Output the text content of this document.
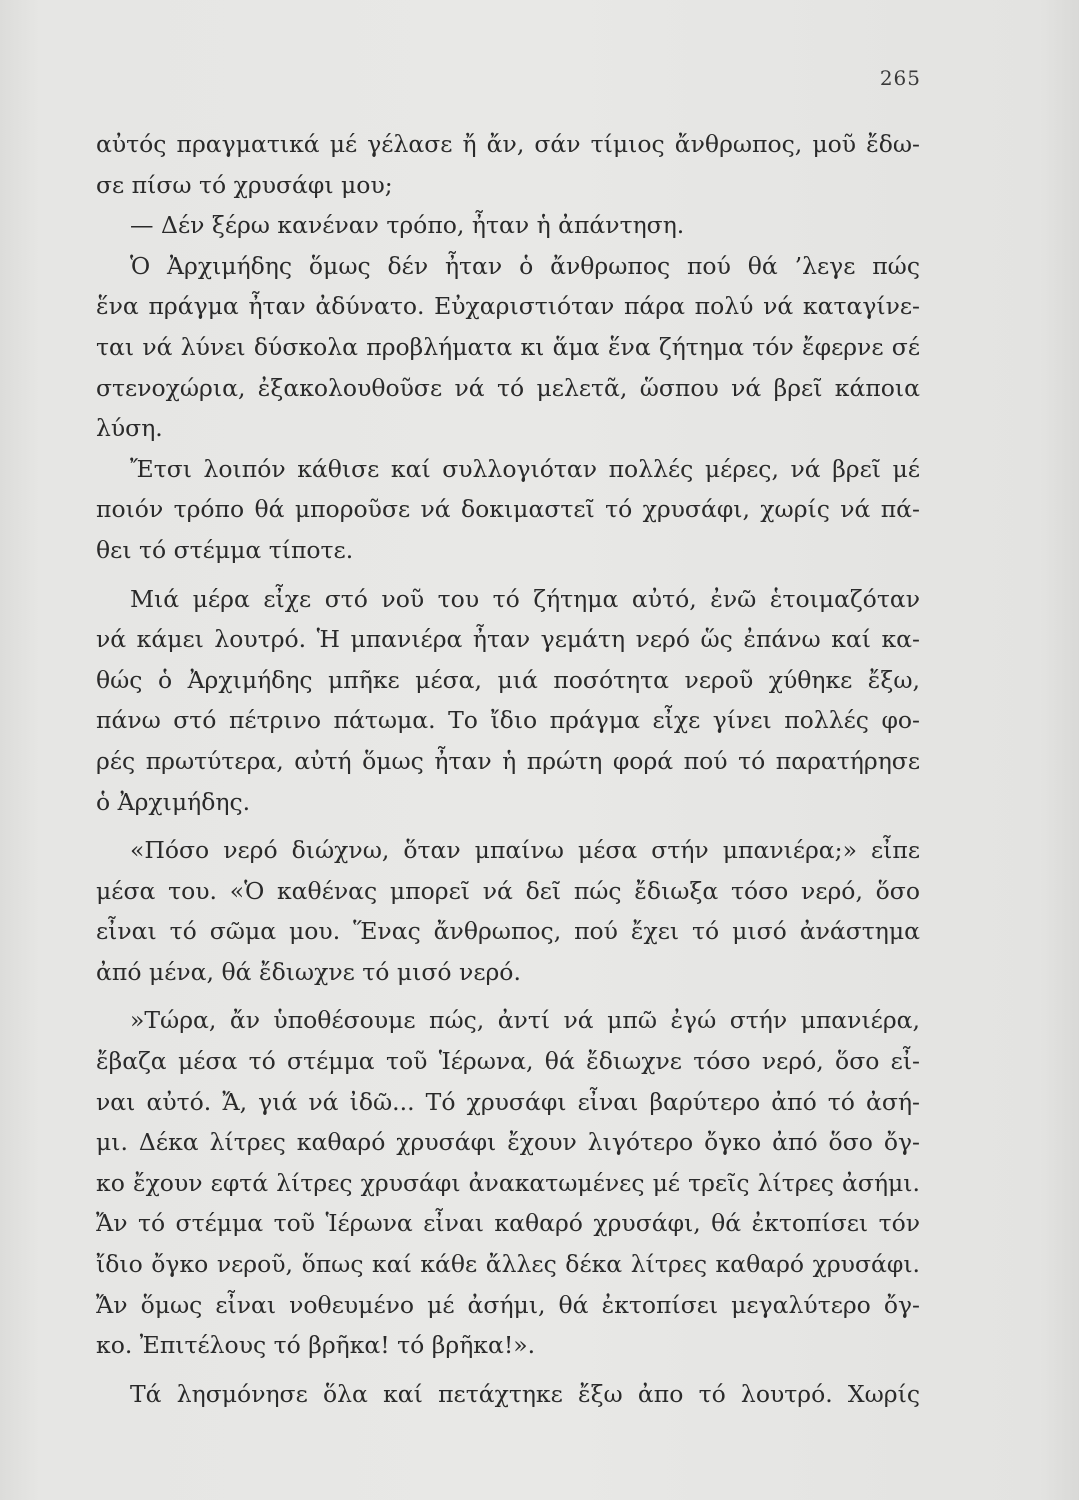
265
αὐτός πραγματικά μέ γέλασε ἤ ἄν, σάν τίμιος ἄνθρωπος, μοῦ ἔδω-
σε πίσω τό χρυσάφι μου;
— Δέν ξέρω κανέναν τρόπο, ἦταν ἡ ἀπάντηση.
Ὁ Ἀρχιμήδης ὅμως δέν ἦταν ὁ ἄνθρωπος πού θά ’λεγε πώς
ἕνα πράγμα ἦταν ἀδύνατο. Εὐχαριστιόταν πάρα πολύ νά καταγίνε-
ται νά λύνει δύσκολα προβλήματα κι ἅμα ἕνα ζήτημα τόν ἔφερνε σέ
στενοχώρια, ἐξακολουθοῦσε νά τό μελετᾶ, ὥσπου νά βρεῖ κάποια
λύση.
Ἔτσι λοιπόν κάθισε καί συλλογιόταν πολλές μέρες, νά βρεῖ μέ
ποιόν τρόπο θά μποροῦσε νά δοκιμαστεῖ τό χρυσάφι, χωρίς νά πά-
θει τό στέμμα τίποτε.
Μιά μέρα εἶχε στό νοῦ του τό ζήτημα αὐτό, ἐνῶ ἑτοιμαζόταν
νά κάμει λουτρό. Ἡ μπανιέρα ἦταν γεμάτη νερό ὥς ἐπάνω καί κα-
θώς ὁ Ἀρχιμήδης μπῆκε μέσα, μιά ποσότητα νεροῦ χύθηκε ἔξω,
πάνω στό πέτρινο πάτωμα. Το ἴδιο πράγμα εἶχε γίνει πολλές φο-
ρές πρωτύτερα, αὐτή ὅμως ἦταν ἡ πρώτη φορά πού τό παρατήρησε
ὁ Ἀρχιμήδης.
«Πόσο νερό διώχνω, ὅταν μπαίνω μέσα στήν μπανιέρα;» εἶπε
μέσα του. «Ὁ καθένας μπορεῖ νά δεῖ πώς ἔδιωξα τόσο νερό, ὅσο
εἶναι τό σῶμα μου. Ἕνας ἄνθρωπος, πού ἔχει τό μισό ἀνάστημα
ἀπό μένα, θά ἔδιωχνε τό μισό νερό.
»Τώρα, ἄν ὑποθέσουμε πώς, ἀντί νά μπῶ ἐγώ στήν μπανιέρα,
ἔβαζα μέσα τό στέμμα τοῦ Ἱέρωνα, θά ἔδιωχνε τόσο νερό, ὅσο εἶ-
ναι αὐτό. Ἄ, γιά νά ἰδῶ... Τό χρυσάφι εἶναι βαρύτερο ἀπό τό ἀσή-
μι. Δέκα λίτρες καθαρό χρυσάφι ἔχουν λιγότερο ὄγκο ἀπό ὅσο ὄγ-
κο ἔχουν εφτά λίτρες χρυσάφι ἀνακατωμένες μέ τρεῖς λίτρες ἀσήμι.
Ἄν τό στέμμα τοῦ Ἱέρωνα εἶναι καθαρό χρυσάφι, θά ἐκτοπίσει τόν
ἴδιο ὄγκο νεροῦ, ὅπως καί κάθε ἄλλες δέκα λίτρες καθαρό χρυσάφι.
Ἄν ὅμως εἶναι νοθευμένο μέ ἀσήμι, θά ἐκτοπίσει μεγαλύτερο ὄγ-
κο. Ἐπιτέλους τό βρῆκα! τό βρῆκα!».
Τά λησμόνησε ὅλα καί πετάχτηκε ἔξω ἀπο τό λουτρό. Χωρίς
